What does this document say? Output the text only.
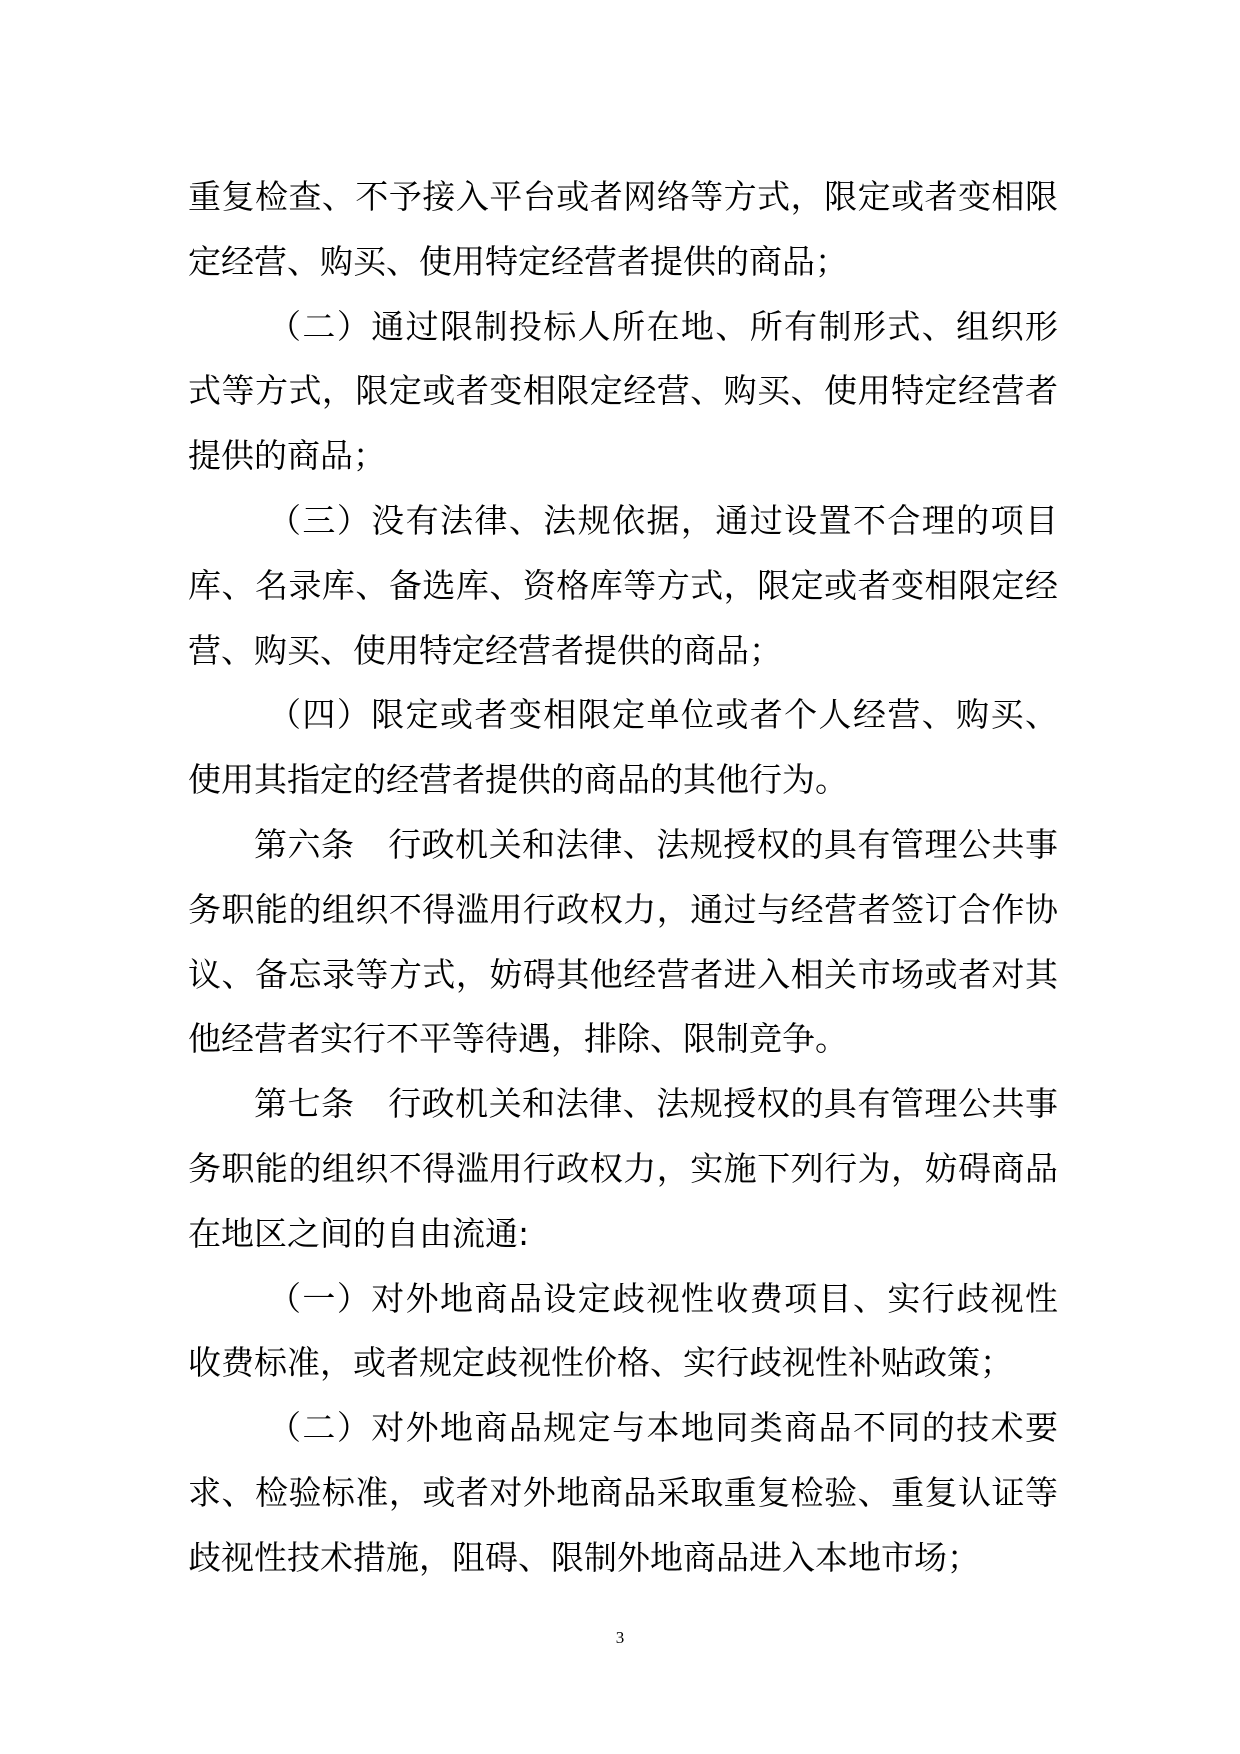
重复检查、不予接入平台或者网络等方式，限定或者变相限定经营、购买、使用特定经营者提供的商品；

（二）通过限制投标人所在地、所有制形式、组织形式等方式，限定或者变相限定经营、购买、使用特定经营者提供的商品；

（三）没有法律、法规依据，通过设置不合理的项目库、名录库、备选库、资格库等方式，限定或者变相限定经营、购买、使用特定经营者提供的商品；

（四）限定或者变相限定单位或者个人经营、购买、使用其指定的经营者提供的商品的其他行为。

第六条　行政机关和法律、法规授权的具有管理公共事务职能的组织不得滥用行政权力，通过与经营者签订合作协议、备忘录等方式，妨碍其他经营者进入相关市场或者对其他经营者实行不平等待遇，排除、限制竞争。

第七条　行政机关和法律、法规授权的具有管理公共事务职能的组织不得滥用行政权力，实施下列行为，妨碍商品在地区之间的自由流通:

（一）对外地商品设定歧视性收费项目、实行歧视性收费标准，或者规定歧视性价格、实行歧视性补贴政策；

（二）对外地商品规定与本地同类商品不同的技术要求、检验标准，或者对外地商品采取重复检验、重复认证等歧视性技术措施，阻碍、限制外地商品进入本地市场；

3
